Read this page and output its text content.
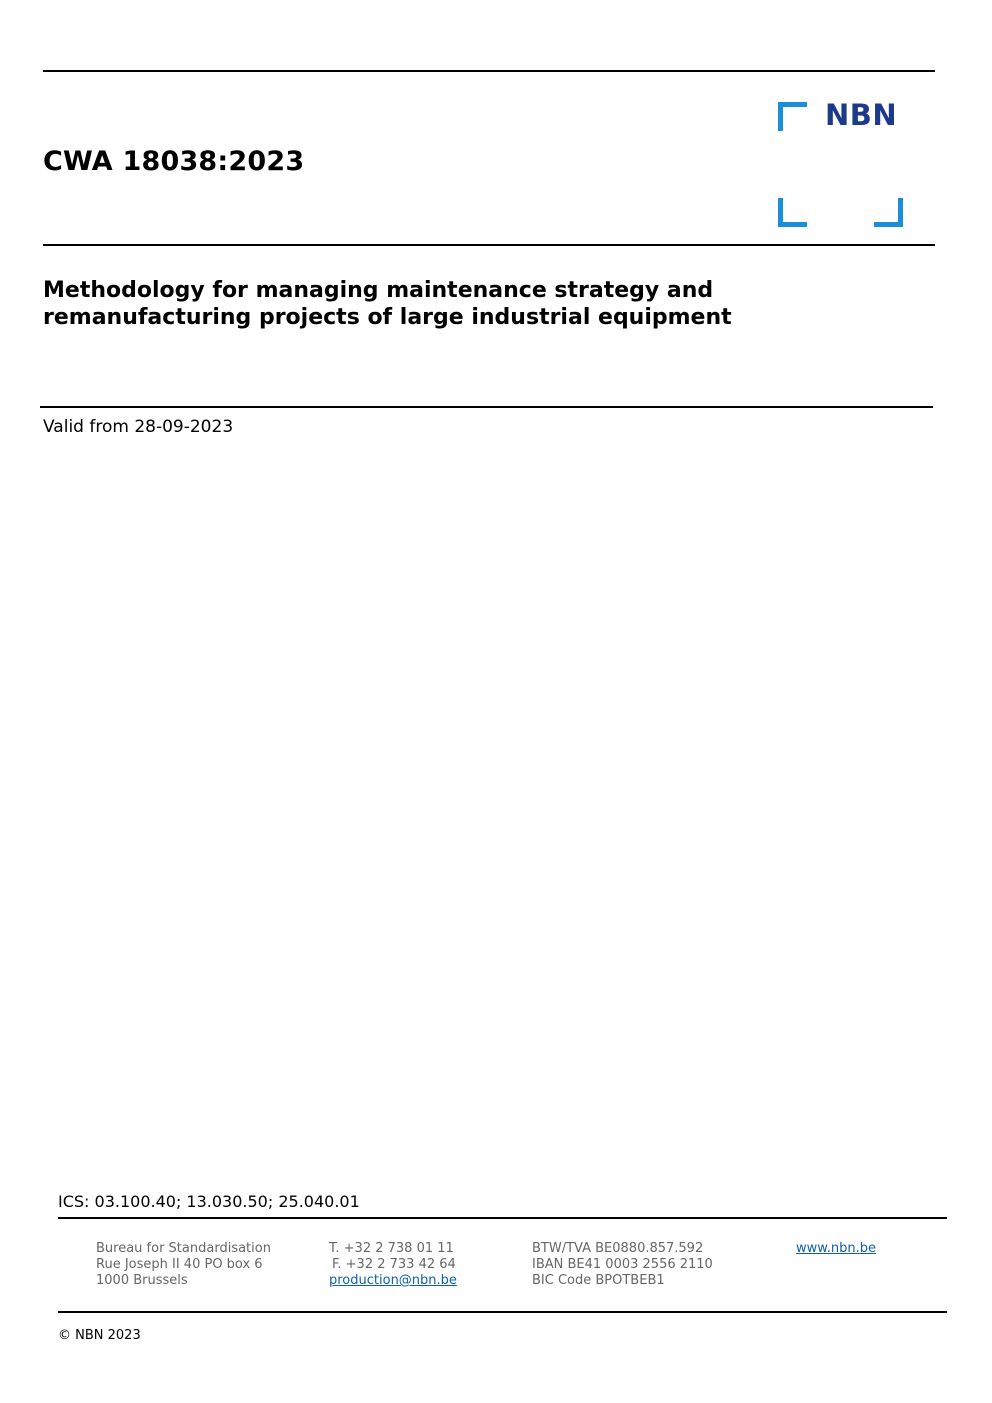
CWA 18038:2023
NBN
Methodology for managing maintenance strategy and
remanufacturing projects of large industrial equipment
Valid from 28-09-2023
ICS: 03.100.40; 13.030.50; 25.040.01
Bureau for Standardisation
Rue Joseph II 40 PO box 6
1000 Brussels
T. +32 2 738 01 11
F. +32 2 733 42 64
production@nbn.be
BTW/TVA BE0880.857.592
IBAN BE41 0003 2556 2110
BIC Code BPOTBEB1
www.nbn.be
© NBN 2023
